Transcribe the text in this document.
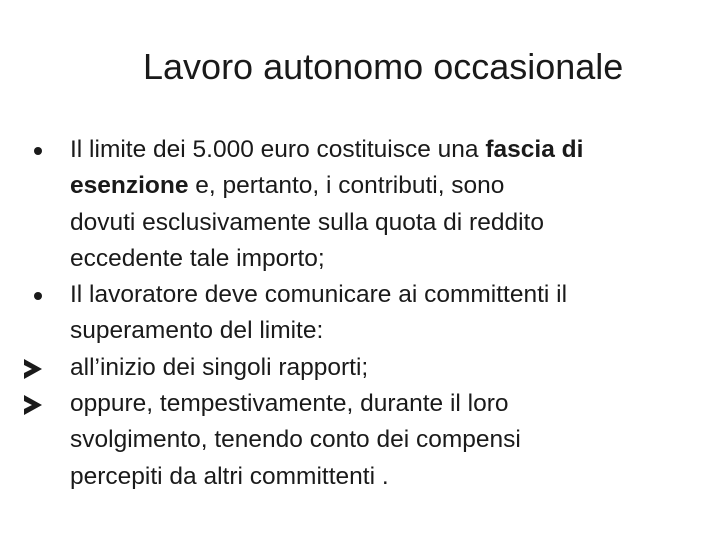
Lavoro autonomo occasionale
Il limite dei 5.000 euro costituisce una fascia di
esenzione e, pertanto, i contributi, sono
dovuti esclusivamente sulla quota di reddito
eccedente tale importo;
Il lavoratore deve comunicare ai committenti il
superamento del limite:
all’inizio dei singoli rapporti;
oppure, tempestivamente, durante il loro
svolgimento, tenendo conto dei compensi
percepiti da altri committenti .
